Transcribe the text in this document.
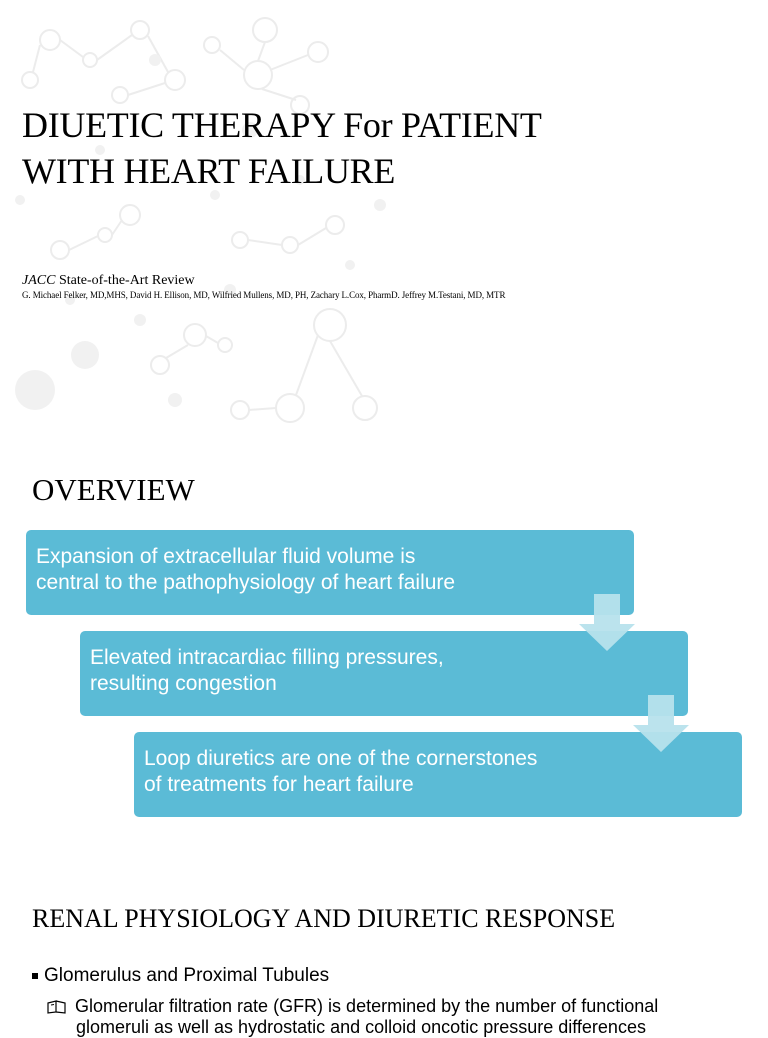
DIUETIC THERAPY For PATIENT
WITH HEART FAILURE
JACC State-of-the-Art Review
G. Michael Felker, MD,MHS, David H. Ellison, MD, Wilfried Mullens, MD, PH, Zachary L.Cox, PharmD. Jeffrey M.Testani, MD, MTR
OVERVIEW
Expansion of extracellular fluid volume is
central to the pathophysiology of heart failure
Elevated intracardiac filling pressures,
resulting congestion
Loop diuretics are one of the cornerstones
of treatments for heart failure
RENAL PHYSIOLOGY AND DIURETIC RESPONSE
Glomerulus and Proximal Tubules
Glomerular filtration rate (GFR) is determined by the number of functional
glomeruli as well as hydrostatic and colloid oncotic pressure differences
